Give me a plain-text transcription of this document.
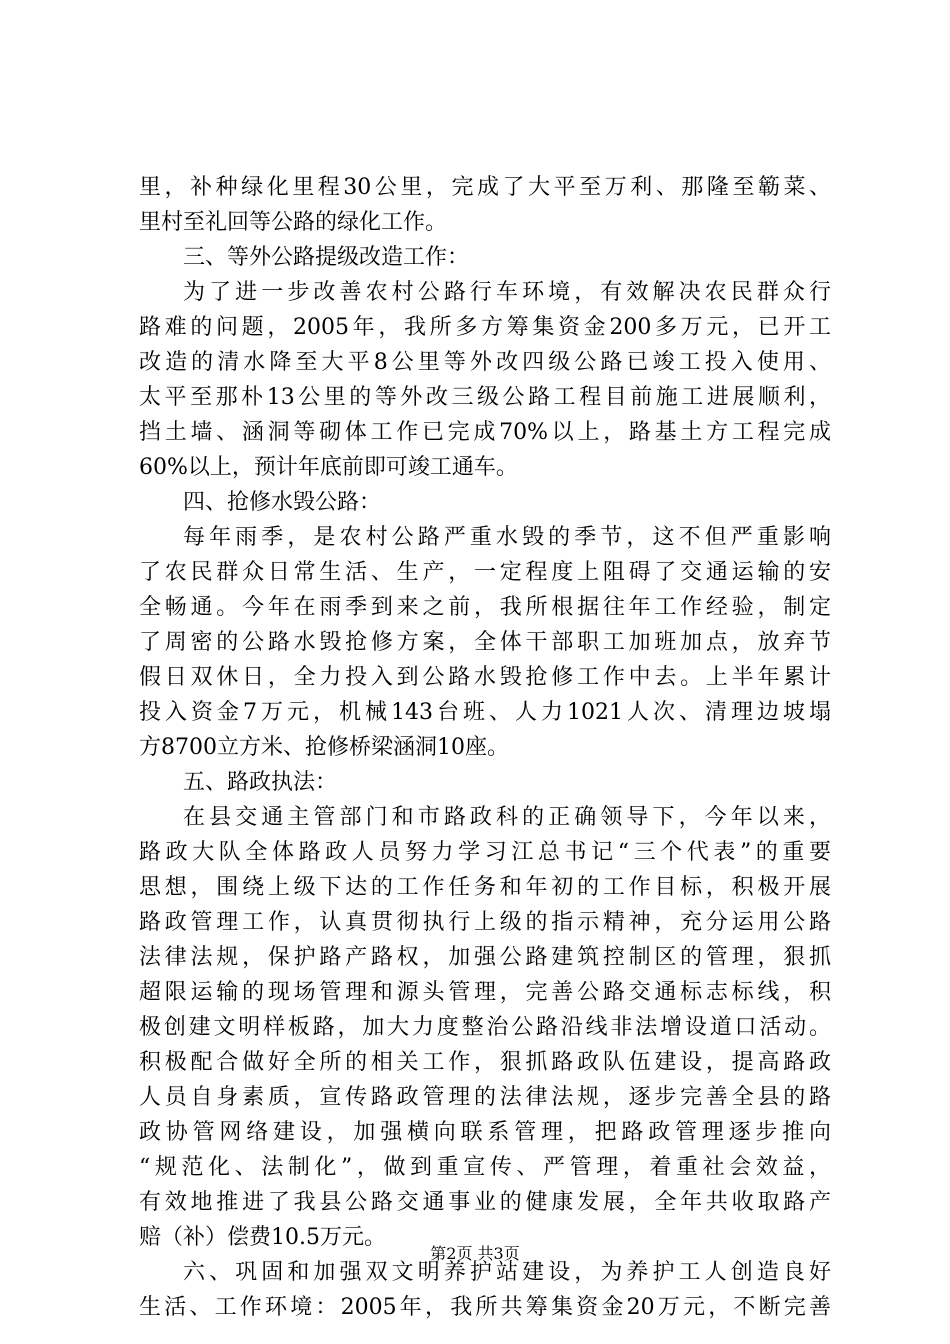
里，补种绿化里程30公里，完成了大平至万利、那隆至簕菜、
里村至礼回等公路的绿化工作。
三、等外公路提级改造工作：
为了进一步改善农村公路行车环境，有效解决农民群众行
路难的问题，2005年，我所多方筹集资金200多万元，已开工
改造的清水降至大平8公里等外改四级公路已竣工投入使用、
太平至那朴13公里的等外改三级公路工程目前施工进展顺利，
挡土墙、涵洞等砌体工作已完成70%以上，路基土方工程完成
60%以上，预计年底前即可竣工通车。
四、抢修水毁公路：
每年雨季，是农村公路严重水毁的季节，这不但严重影响
了农民群众日常生活、生产，一定程度上阻碍了交通运输的安
全畅通。今年在雨季到来之前，我所根据往年工作经验，制定
了周密的公路水毁抢修方案，全体干部职工加班加点，放弃节
假日双休日，全力投入到公路水毁抢修工作中去。上半年累计
投入资金7万元，机械143台班、人力1021人次、清理边坡塌
方8700立方米、抢修桥梁涵洞10座。
五、路政执法：
在县交通主管部门和市路政科的正确领导下，今年以来，
路政大队全体路政人员努力学习江总书记“三个代表”的重要
思想，围绕上级下达的工作任务和年初的工作目标，积极开展
路政管理工作，认真贯彻执行上级的指示精神，充分运用公路
法律法规，保护路产路权，加强公路建筑控制区的管理，狠抓
超限运输的现场管理和源头管理，完善公路交通标志标线，积
极创建文明样板路，加大力度整治公路沿线非法增设道口活动。
积极配合做好全所的相关工作，狠抓路政队伍建设，提高路政
人员自身素质，宣传路政管理的法律法规，逐步完善全县的路
政协管网络建设，加强横向联系管理，把路政管理逐步推向
“规范化、法制化”，做到重宣传、严管理，着重社会效益，
有效地推进了我县公路交通事业的健康发展，全年共收取路产
赔（补）偿费10.5万元。
六、巩固和加强双文明养护站建设，为养护工人创造良好
生活、工作环境：2005年，我所共筹集资金20万元，不断完善
第2页 共3页
